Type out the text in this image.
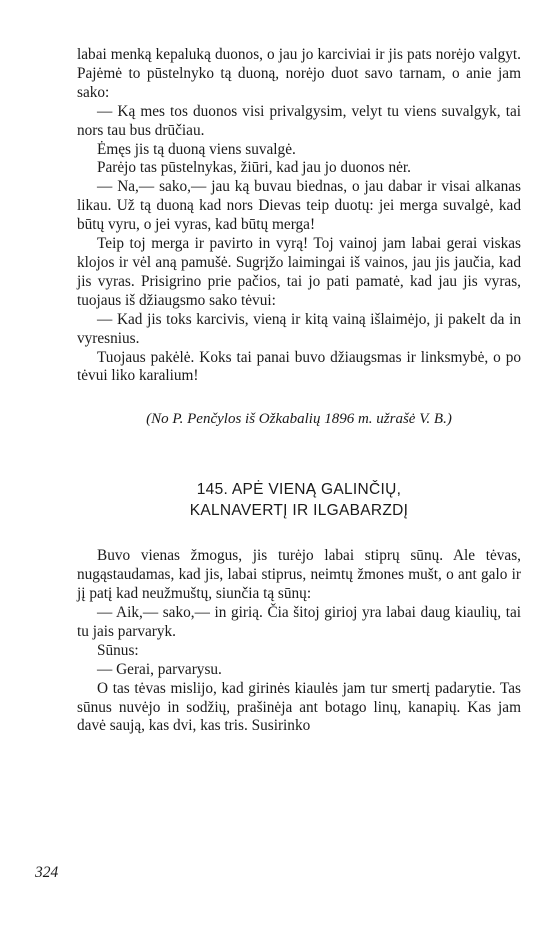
labai menką kepaluką duonos, o jau jo karciviai ir jis pats norėjo valgyt. Pajėmė to pūstelnyko tą duoną, norėjo duot savo tarnam, o anie jam sako:

— Ką mes tos duonos visi privalgysim, velyt tu viens suvalgyk, tai nors tau bus drūčiau.

Ėmęs jis tą duoną viens suvalgė.

Parėjo tas pūstelnykas, žiūri, kad jau jo duonos nėr.

— Na,— sako,— jau ką buvau biednas, o jau dabar ir visai alkanas likau. Už tą duoną kad nors Dievas teip duotų: jei merga suvalgė, kad būtų vyru, o jei vyras, kad būtų merga!

Teip toj merga ir pavirto in vyrą! Toj vainoj jam labai gerai viskas klojos ir vėl aną pamušė. Sugrįžo laimingai iš vainos, jau jis jaučia, kad jis vyras. Prisigrino prie pačios, tai jo pati pamatė, kad jau jis vyras, tuojaus iš džiaugsmo sako tėvui:

— Kad jis toks karcivis, vieną ir kitą vainą išlaimėjo, ji pakelt da in vyresnius.

Tuojaus pakėlė. Koks tai panai buvo džiaugsmas ir linksmybė, o po tėvui liko karalium!

(No P. Penčylos iš Ožkabalių 1896 m. užrašė V. B.)

145. APĖ VIENĄ GALINČIŲ,
KALNAVERTĮ IR ILGABARZDĮ

Buvo vienas žmogus, jis turėjo labai stiprų sūnų. Ale tėvas, nugąstaudamas, kad jis, labai stiprus, neimtų žmones mušt, o ant galo ir jį patį kad neužmuštų, siunčia tą sūnų:

— Aik,— sako,— in girią. Čia šitoj girioj yra labai daug kiaulių, tai tu jais parvaryk.

Sūnus:

— Gerai, parvarysu.

O tas tėvas mislijo, kad girinės kiaulės jam tur smertį padarytie. Tas sūnus nuvėjo in sodžių, prašinėja ant botago linų, kanapių. Kas jam davė saują, kas dvi, kas tris. Susirinko

324
